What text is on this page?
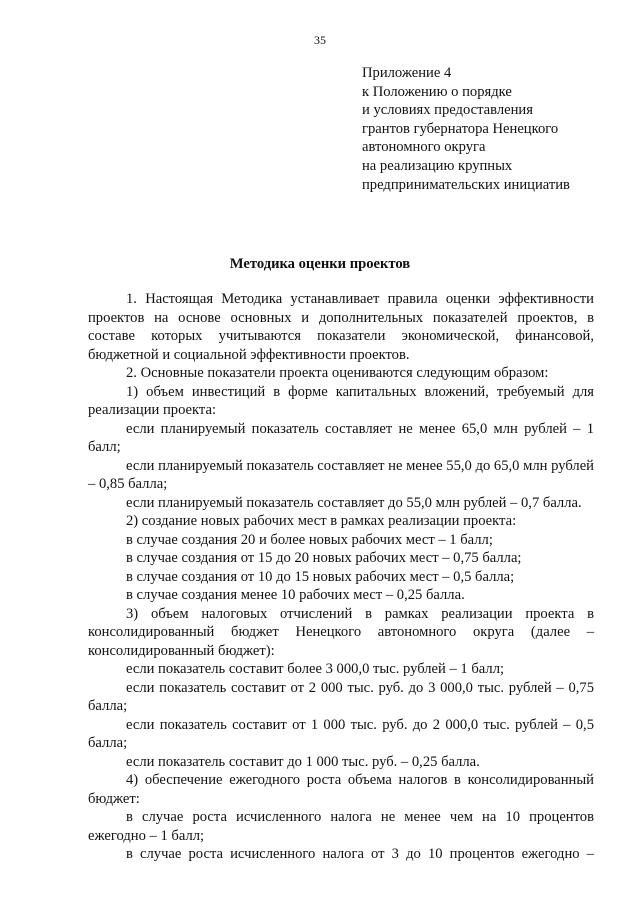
35
Приложение 4
к Положению о порядке
и условиях предоставления
грантов губернатора Ненецкого
автономного округа
на реализацию крупных
предпринимательских инициатив
Методика оценки проектов
1. Настоящая Методика устанавливает правила оценки эффективности проектов на основе основных и дополнительных показателей проектов, в составе которых учитываются показатели экономической, финансовой, бюджетной и социальной эффективности проектов.
2. Основные показатели проекта оцениваются следующим образом:
1) объем инвестиций в форме капитальных вложений, требуемый для реализации проекта:
если планируемый показатель составляет не менее 65,0 млн рублей – 1 балл;
если планируемый показатель составляет не менее 55,0 до 65,0 млн рублей – 0,85 балла;
если планируемый показатель составляет до 55,0 млн рублей – 0,7 балла.
2) создание новых рабочих мест в рамках реализации проекта:
в случае создания 20 и более новых рабочих мест – 1 балл;
в случае создания от 15 до 20 новых рабочих мест – 0,75 балла;
в случае создания от 10 до 15 новых рабочих мест – 0,5 балла;
в случае создания менее 10 рабочих мест – 0,25 балла.
3) объем налоговых отчислений в рамках реализации проекта в консолидированный бюджет Ненецкого автономного округа (далее – консолидированный бюджет):
если показатель составит более 3 000,0 тыс. рублей – 1 балл;
если показатель составит от 2 000 тыс. руб. до 3 000,0 тыс. рублей – 0,75 балла;
если показатель составит от 1 000 тыс. руб. до 2 000,0 тыс. рублей – 0,5 балла;
если показатель составит до 1 000 тыс. руб. – 0,25 балла.
4) обеспечение ежегодного роста объема налогов в консолидированный бюджет:
в случае роста исчисленного налога не менее чем на 10 процентов ежегодно – 1 балл;
в случае роста исчисленного налога от 3 до 10 процентов ежегодно –
